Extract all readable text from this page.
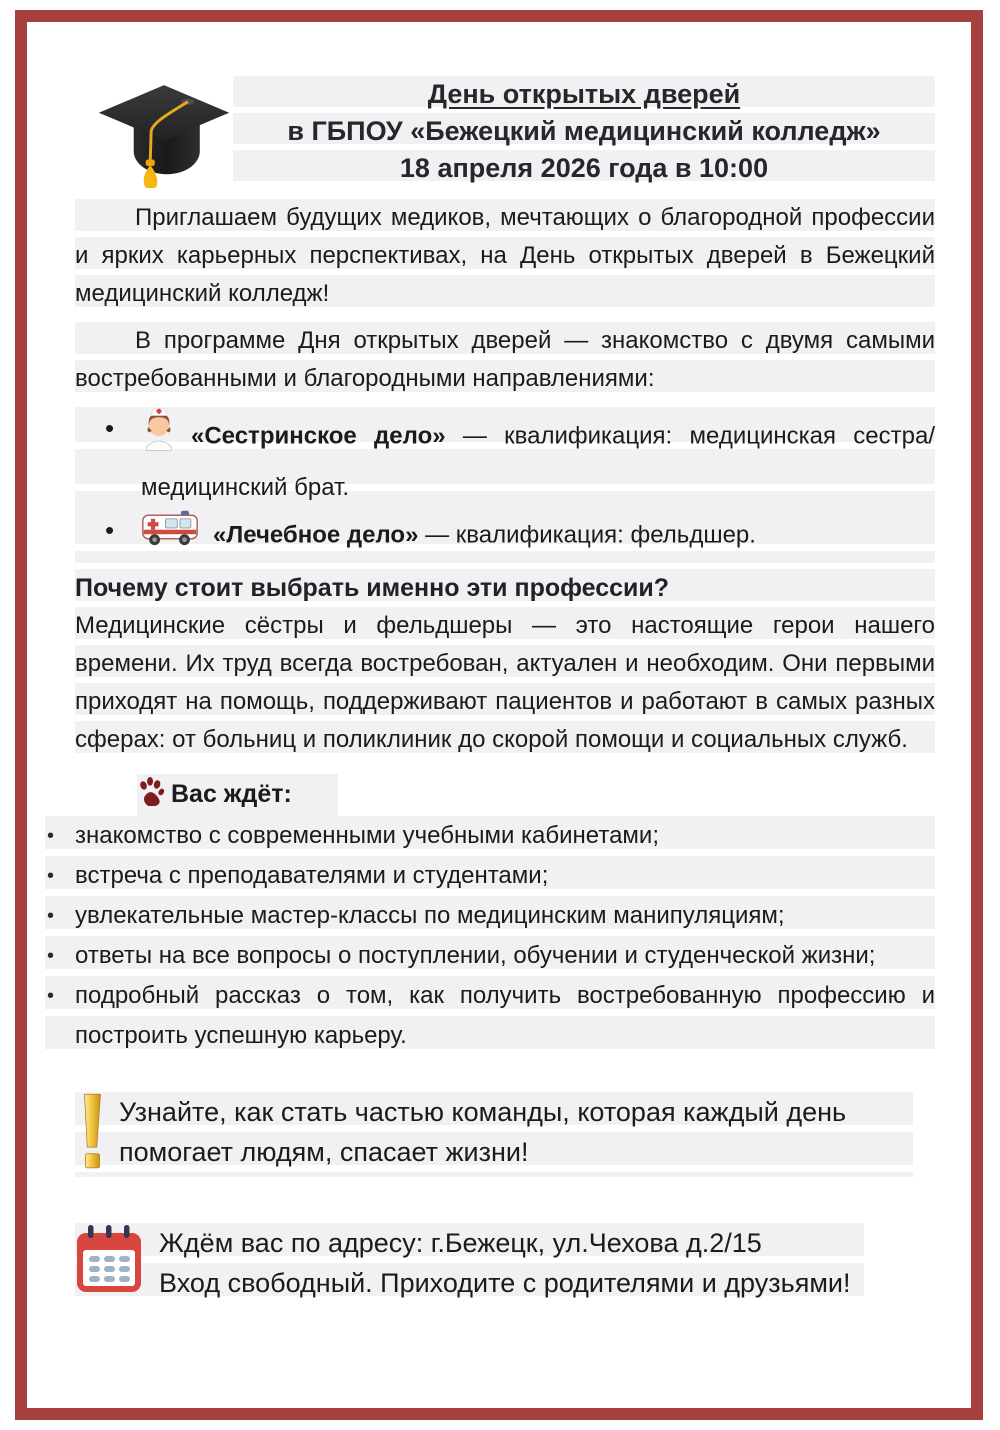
День открытых дверей
в ГБПОУ «Бежецкий медицинский колледж»
18 апреля 2026 года в 10:00

Приглашаем будущих медиков, мечтающих о благородной профессии и ярких карьерных перспективах, на День открытых дверей в Бежецкий медицинский колледж!

В программе Дня открытых дверей — знакомство с двумя самыми востребованными и благородными направлениями:

• «Сестринское дело» — квалификация: медицинская сестра/медицинский брат.
• «Лечебное дело» — квалификация: фельдшер.
Почему стоит выбрать именно эти профессии?

Медицинские сёстры и фельдшеры — это настоящие герои нашего времени. Их труд всегда востребован, актуален и необходим. Они первыми приходят на помощь, поддерживают пациентов и работают в самых разных сферах: от больниц и поликлиник до скорой помощи и социальных служб.

Вас ждёт:
• знакомство с современными учебными кабинетами;
• встреча с преподавателями и студентами;
• увлекательные мастер-классы по медицинским манипуляциям;
• ответы на все вопросы о поступлении, обучении и студенческой жизни;
• подробный рассказ о том, как получить востребованную профессию и построить успешную карьеру.
Узнайте, как стать частью команды, которая каждый день помогает людям, спасает жизни!
Ждём вас по адресу: г.Бежецк, ул.Чехова д.2/15
Вход свободный. Приходите с родителями и друзьями!
